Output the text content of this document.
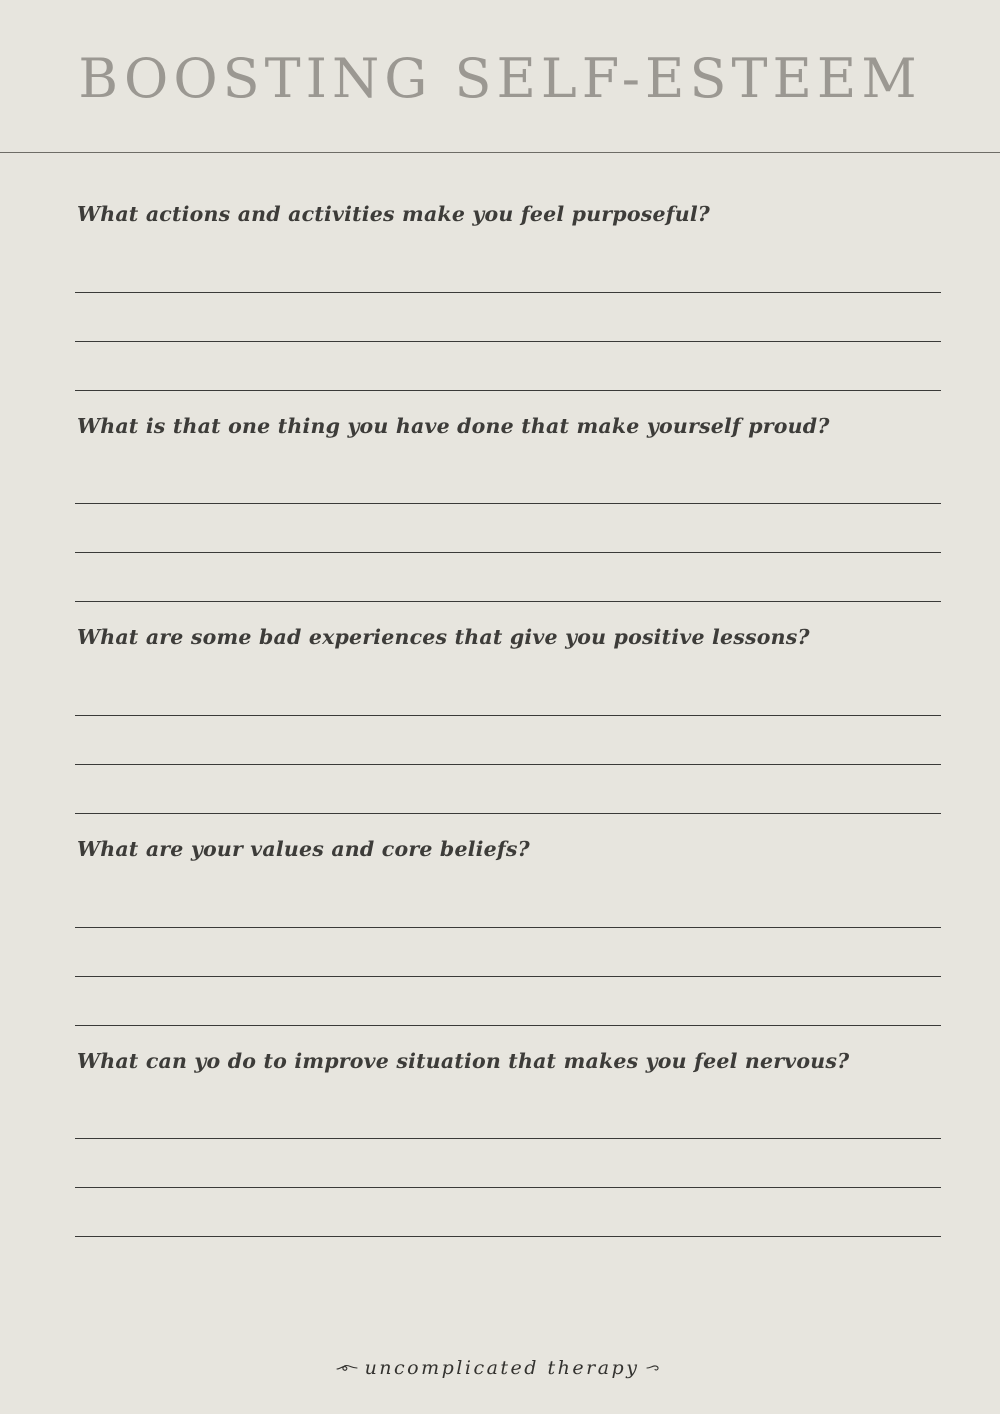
BOOSTING SELF-ESTEEM

What actions and activities make you feel purposeful?

What is that one thing you have done that make yourself proud?

What are some bad experiences that give you positive lessons?

What are your values and core beliefs?

What can yo do to improve situation that makes you feel nervous?

uncomplicated therapy
